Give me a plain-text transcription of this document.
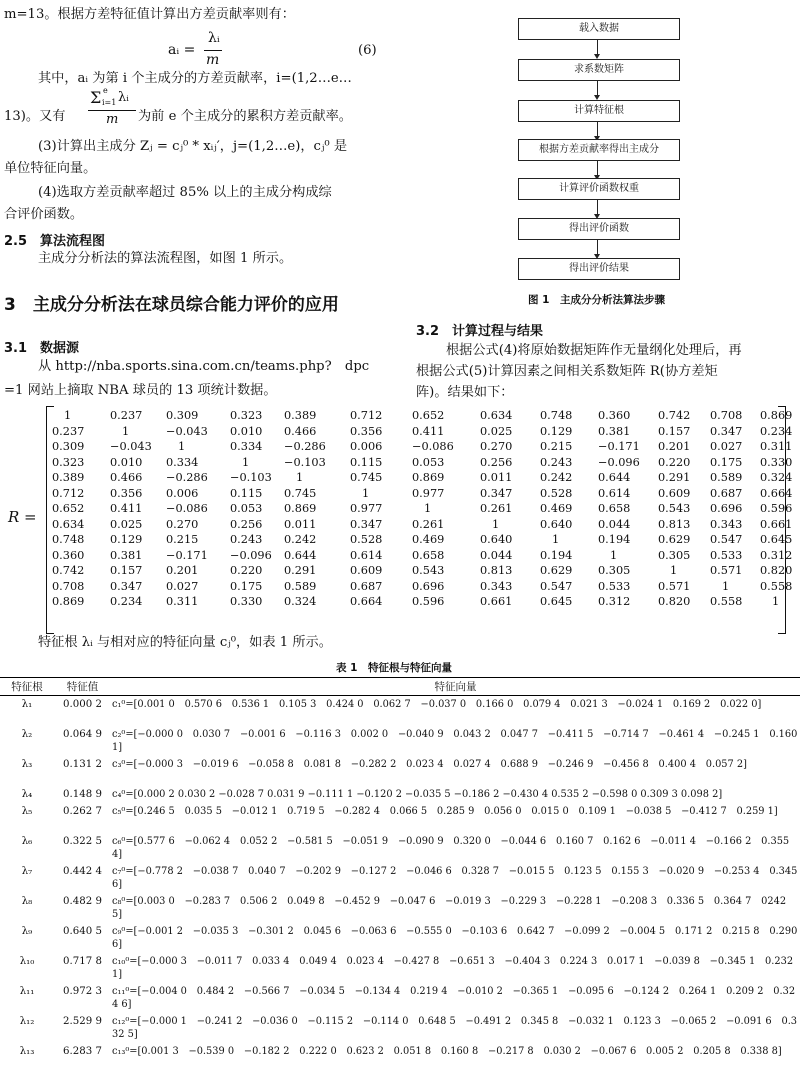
m=13。根据方差特征值计算出方差贡献率则有：
aᵢ =
λᵢ
m
(6)
其中，aᵢ 为第 i 个主成分的方差贡献率，i=(1,2…e…
13)。又有
Σ e
i=1 λᵢ
m 为前 e 个主成分的累积方差贡献率。
(3)计算出主成分 Zⱼ = cⱼ⁰ * xᵢⱼ′，j=(1,2…e)，cⱼ⁰ 是
单位特征向量。
(4)选取方差贡献率超过 85% 以上的主成分构成综
合评价函数。
2.5　算法流程图
主成分分析法的算法流程图，如图 1 所示。
3　主成分分析法在球员综合能力评价的应用
3.1　数据源
从 http://nba.sports.sina.com.cn/teams.php?　dpc
=1 网站上摘取 NBA 球员的 13 项统计数据。
载入数据
求系数矩阵
计算特征根
根据方差贡献率得出主成分
计算评价函数权重
得出评价函数
得出评价结果
图 1　主成分分析法算法步骤
3.2　计算过程与结果
根据公式(4)将原始数据矩阵作无量纲化处理后，再
根据公式(5)计算因素之间相关系数矩阵 R(协方差矩
阵)。结果如下：
R =
1	0.237 0.309	0.323 0.389	0.712	0.652	0.634 0.748 0.360 0.742 0.708 0.869
0.237	1	−0.043 0.010 0.466	0.356	0.411	0.025 0.129 0.381 0.157 0.347 0.234
0.309 −0.043 1	0.334 −0.286 0.006	−0.086 0.270 0.215 −0.171 0.201 0.027 0.311
0.323 0.010 0.334	1	−0.103 0.115	0.053	0.256 0.243 −0.096 0.220 0.175 0.330
0.389 0.466 −0.286 −0.103 1	0.745	0.869	0.011 0.242 0.644 0.291 0.589 0.324
0.712 0.356 0.006	0.115 0.745	1	0.977	0.347 0.528 0.614 0.609 0.687 0.664
0.652 0.411 −0.086 0.053 0.869	0.977	1	0.261 0.469 0.658 0.543 0.696 0.596
0.634 0.025 0.270	0.256 0.011	0.347	0.261	1	0.640 0.044 0.813 0.343 0.661
0.748 0.129 0.215	0.243 0.242	0.528	0.469	0.640	1	0.194 0.629 0.547 0.645
0.360 0.381 −0.171 −0.096 0.644	0.614	0.658	0.044 0.194	1	0.305 0.533 0.312
0.742 0.157 0.201	0.220 0.291	0.609	0.543	0.813 0.629 0.305	1	0.571 0.820
0.708 0.347 0.027	0.175 0.589	0.687	0.696	0.343 0.547 0.533 0.571	1	0.558
0.869 0.234 0.311	0.330 0.324	0.664	0.596	0.661 0.645 0.312 0.820 0.558	1
特征根 λᵢ 与相对应的特征向量 cⱼ⁰，如表 1 所示。
表 1　特征根与特征向量
特征根	特征值	特征向量
λ₁	0.000 2	c₁⁰=[0.001 0　0.570 6　0.536 1　0.105 3　0.424 0　0.062 7　−0.037 0　0.166 0　0.079 4　0.021 3　−0.024 1　0.169 2　0.022 0]
λ₂	0.064 9	c₂⁰=[−0.000 0　0.030 7　−0.001 6　−0.116 3　0.002 0　−0.040 9　0.043 2　0.047 7　−0.411 5　−0.714 7　−0.461 4　−0.245 1　0.160 1]
λ₃	0.131 2	c₃⁰=[−0.000 3　−0.019 6　−0.058 8　0.081 8　−0.282 2　0.023 4　0.027 4　0.688 9　−0.246 9　−0.456 8　0.400 4　0.057 2]
λ₄	0.148 9	c₄⁰=[0.000 2 0.030 2 −0.028 7 0.031 9 −0.111 1 −0.120 2 −0.035 5 −0.186 2 −0.430 4 0.535 2 −0.598 0 0.309 3 0.098 2]
λ₅	0.262 7	c₅⁰=[0.246 5　0.035 5　−0.012 1　0.719 5　−0.282 4　0.066 5　0.285 9　0.056 0　0.015 0　0.109 1　−0.038 5　−0.412 7　0.259 1]
λ₆	0.322 5	c₆⁰=[0.577 6　−0.062 4　0.052 2　−0.581 5　−0.051 9　−0.090 9　0.320 0　−0.044 6　0.160 7　0.162 6　−0.011 4　−0.166 2　0.355 4]
λ₇	0.442 4	c₇⁰=[−0.778 2　−0.038 7　0.040 7　−0.202 9　−0.127 2　−0.046 6　0.328 7　−0.015 5　0.123 5　0.155 3　−0.020 9　−0.253 4　0.345 6]
λ₈	0.482 9	c₈⁰=[0.003 0　−0.283 7　0.506 2　0.049 8　−0.452 9　−0.047 6　−0.019 3　−0.229 3　−0.228 1　−0.208 3　0.336 5　0.364 7　0242 5]
λ₉	0.640 5	c₉⁰=[−0.001 2　−0.035 3　−0.301 2　0.045 6　−0.063 6　−0.555 0　−0.103 6　0.642 7　−0.099 2　−0.004 5　0.171 2　0.215 8　0.290 6]
λ₁₀	0.717 8	c₁₀⁰=[−0.000 3　−0.011 7　0.033 4　0.049 4　0.023 4　−0.427 8　−0.651 3　−0.404 3　0.224 3　0.017 1　−0.039 8　−0.345 1　0.232 1]
λ₁₁	0.972 3	c₁₁⁰=[−0.004 0　0.484 2　−0.566 7　−0.034 5　−0.134 4　0.219 4　−0.010 2　−0.365 1　−0.095 6　−0.124 2　0.264 1　0.209 2　0.324 6]
λ₁₂	2.529 9	c₁₂⁰=[−0.000 1　−0.241 2　−0.036 0　−0.115 2　−0.114 0　0.648 5　−0.491 2　0.345 8　−0.032 1　0.123 3　−0.065 2　−0.091 6　0.332 5]
λ₁₃	6.283 7	c₁₃⁰=[0.001 3　−0.539 0　−0.182 2　0.222 0　0.623 2　0.051 8　0.160 8　−0.217 8　0.030 2　−0.067 6　0.005 2　0.205 8　0.338 8]
